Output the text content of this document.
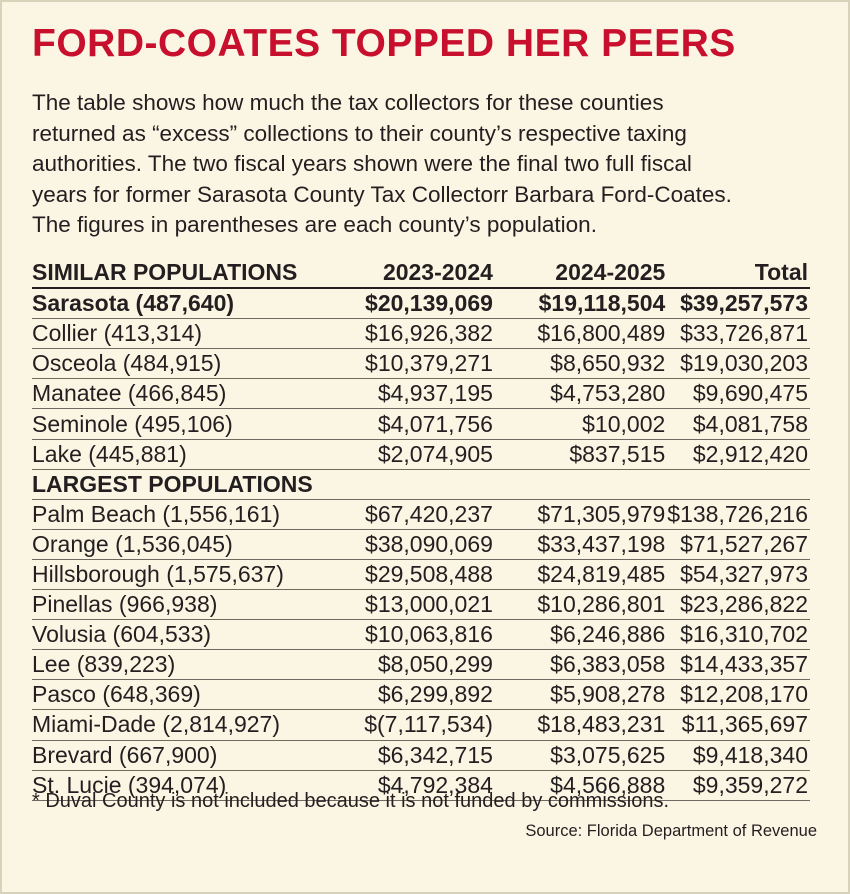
FORD-COATES TOPPED HER PEERS
The table shows how much the tax collectors for these counties
returned as “excess” collections to their county’s respective taxing
authorities. The two fiscal years shown were the final two full fiscal
years for former Sarasota County Tax Collectorr Barbara Ford-Coates.
The figures in parentheses are each county’s population.
SIMILAR POPULATIONS	2023-2024	2024-2025	Total
Sarasota (487,640)	$20,139,069	$19,118,504	$39,257,573
Collier (413,314)	$16,926,382	$16,800,489	$33,726,871
Osceola (484,915)	$10,379,271	$8,650,932	$19,030,203
Manatee (466,845)	$4,937,195	$4,753,280	$9,690,475
Seminole (495,106)	$4,071,756	$10,002	$4,081,758
Lake (445,881)	$2,074,905	$837,515	$2,912,420
LARGEST POPULATIONS			
Palm Beach (1,556,161)	$67,420,237	$71,305,979	$138,726,216
Orange (1,536,045)	$38,090,069	$33,437,198	$71,527,267
Hillsborough (1,575,637)	$29,508,488	$24,819,485	$54,327,973
Pinellas (966,938)	$13,000,021	$10,286,801	$23,286,822
Volusia (604,533)	$10,063,816	$6,246,886	$16,310,702
Lee (839,223)	$8,050,299	$6,383,058	$14,433,357
Pasco (648,369)	$6,299,892	$5,908,278	$12,208,170
Miami-Dade (2,814,927)	$(7,117,534)	$18,483,231	$11,365,697
Brevard (667,900)	$6,342,715	$3,075,625	$9,418,340
St. Lucie (394,074)	$4,792,384	$4,566,888	$9,359,272
* Duval County is not included because it is not funded by commissions.
Source: Florida Department of Revenue
